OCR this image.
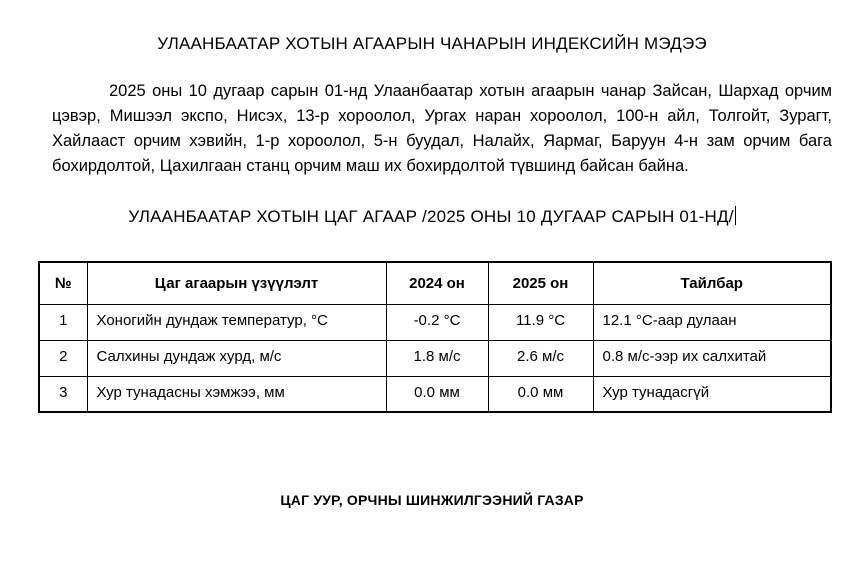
УЛААНБААТАР ХОТЫН АГААРЫН ЧАНАРЫН ИНДЕКСИЙН МЭДЭЭ
2025 оны 10 дугаар сарын 01-нд Улаанбаатар хотын агаарын чанар Зайсан, Шархад орчим цэвэр, Мишээл экспо, Нисэх, 13-р хороолол, Ургах наран хороолол, 100-н айл, Толгойт, Зурагт, Хайлааст орчим хэвийн, 1-р хороолол, 5-н буудал, Налайх, Яармаг, Баруун 4-н зам орчим бага бохирдолтой, Цахилгаан станц орчим маш их бохирдолтой түвшинд байсан байна.
УЛААНБААТАР ХОТЫН ЦАГ АГААР /2025 ОНЫ 10 ДУГААР САРЫН 01-НД/
№	Цаг агаарын үзүүлэлт	2024 он	2025 он	Тайлбар
1	Хоногийн дундаж температур, °С	-0.2 °С	11.9 °С	12.1 °С-аар дулаан
2	Салхины дундаж хурд, м/с	1.8 м/с	2.6 м/с	0.8 м/с-ээр их салхитай
3	Хур тунадасны хэмжээ, мм	0.0 мм	0.0 мм	Хур тунадасгүй
ЦАГ УУР, ОРЧНЫ ШИНЖИЛГЭЭНИЙ ГАЗАР
